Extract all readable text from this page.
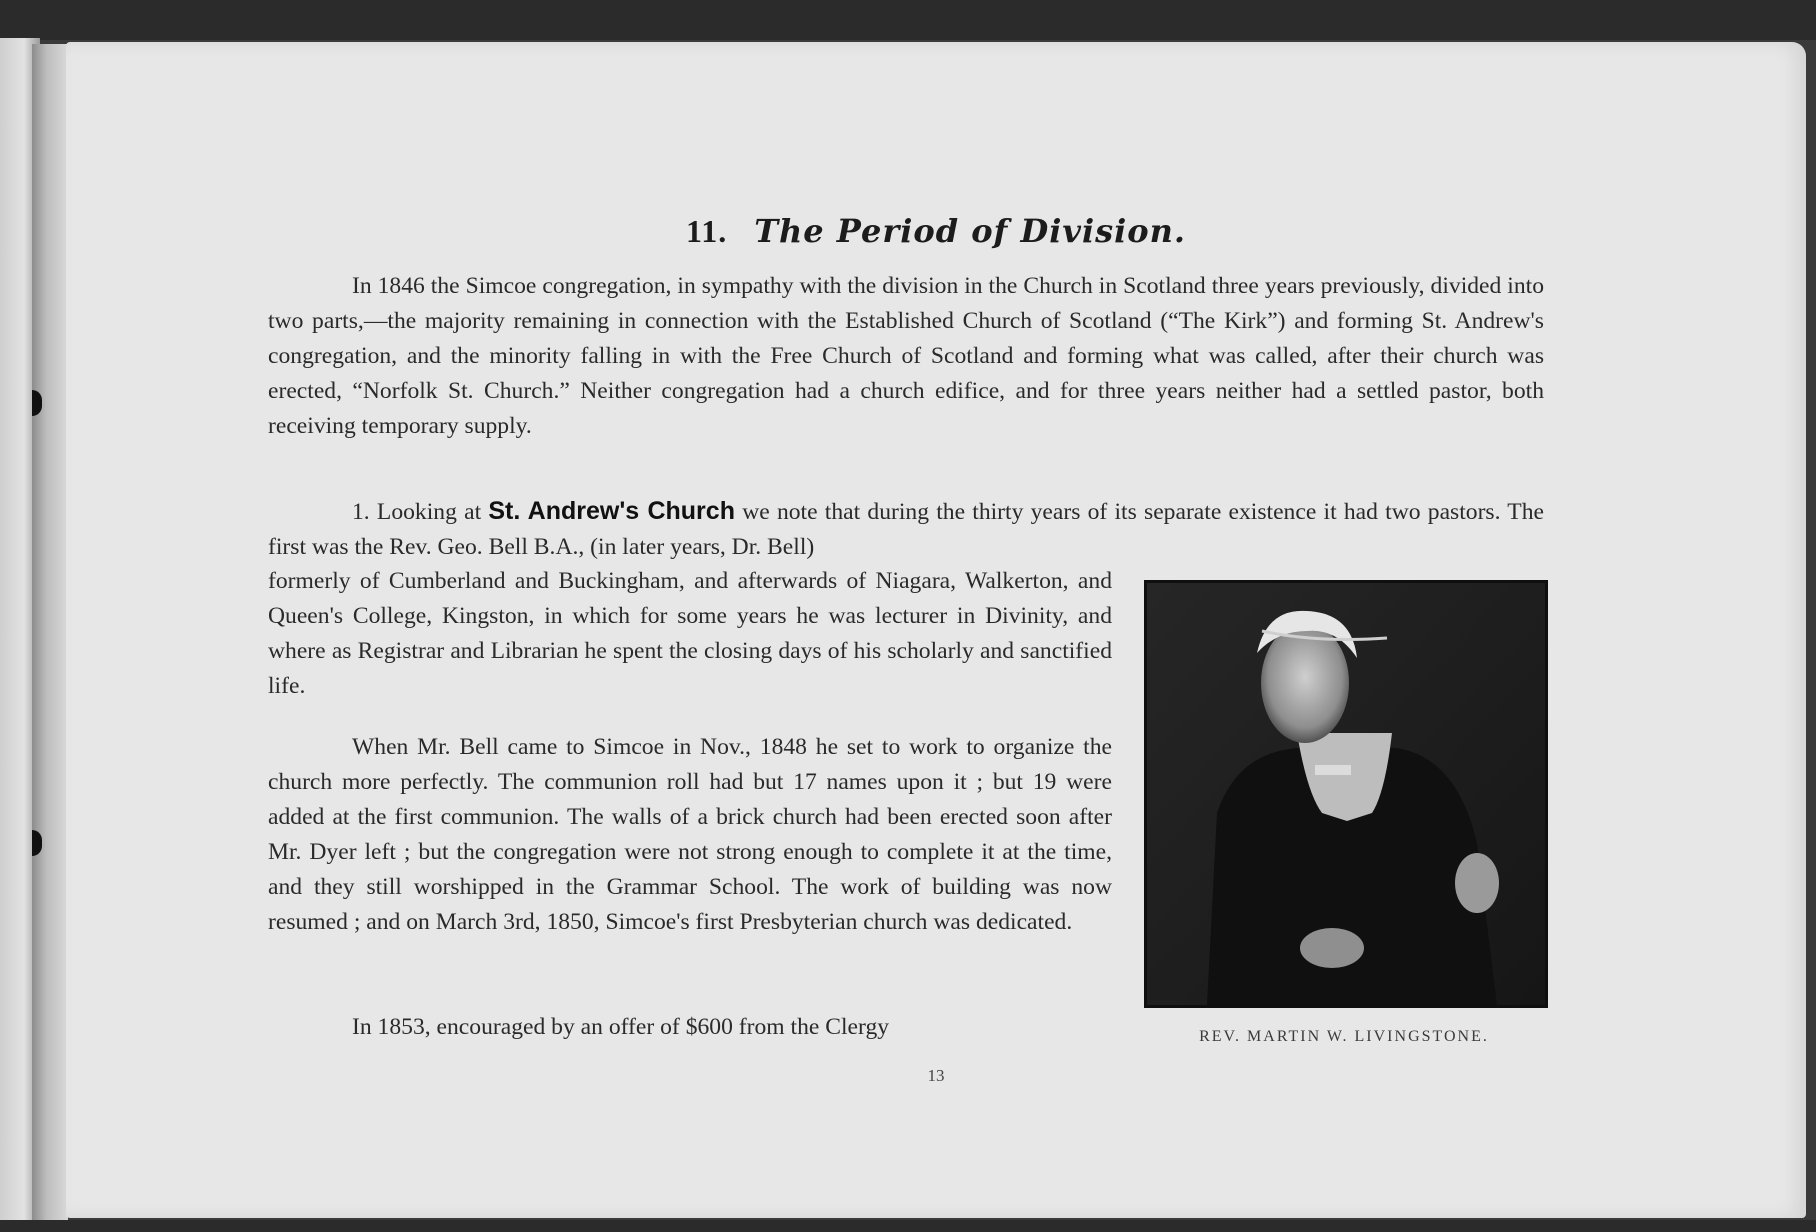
11. The Period of Division.

In 1846 the Simcoe congregation, in sympathy with the division in the Church in Scotland three years previously, divided into two parts,—the majority remaining in connection with the Established Church of Scotland (“The Kirk”) and forming St. Andrew's congregation, and the minority falling in with the Free Church of Scotland and forming what was called, after their church was erected, “Norfolk St. Church.” Neither congregation had a church edifice, and for three years neither had a settled pastor, both receiving temporary supply.

1. Looking at St. Andrew's Church we note that during the thirty years of its separate existence it had two pastors. The first was the Rev. Geo. Bell B.A., (in later years, Dr. Bell)

formerly of Cumberland and Buckingham, and afterwards of Niagara, Walkerton, and Queen's College, Kingston, in which for some years he was lecturer in Divinity, and where as Registrar and Librarian he spent the closing days of his scholarly and sanctified life.

When Mr. Bell came to Simcoe in Nov., 1848 he set to work to organize the church more perfectly. The communion roll had but 17 names upon it ; but 19 were added at the first communion. The walls of a brick church had been erected soon after Mr. Dyer left ; but the congregation were not strong enough to complete it at the time, and they still worshipped in the Grammar School. The work of building was now resumed ; and on March 3rd, 1850, Simcoe's first Presbyterian church was dedicated.

In 1853, encouraged by an offer of $600 from the Clergy	REV. MARTIN W. LIVINGSTONE.
13
